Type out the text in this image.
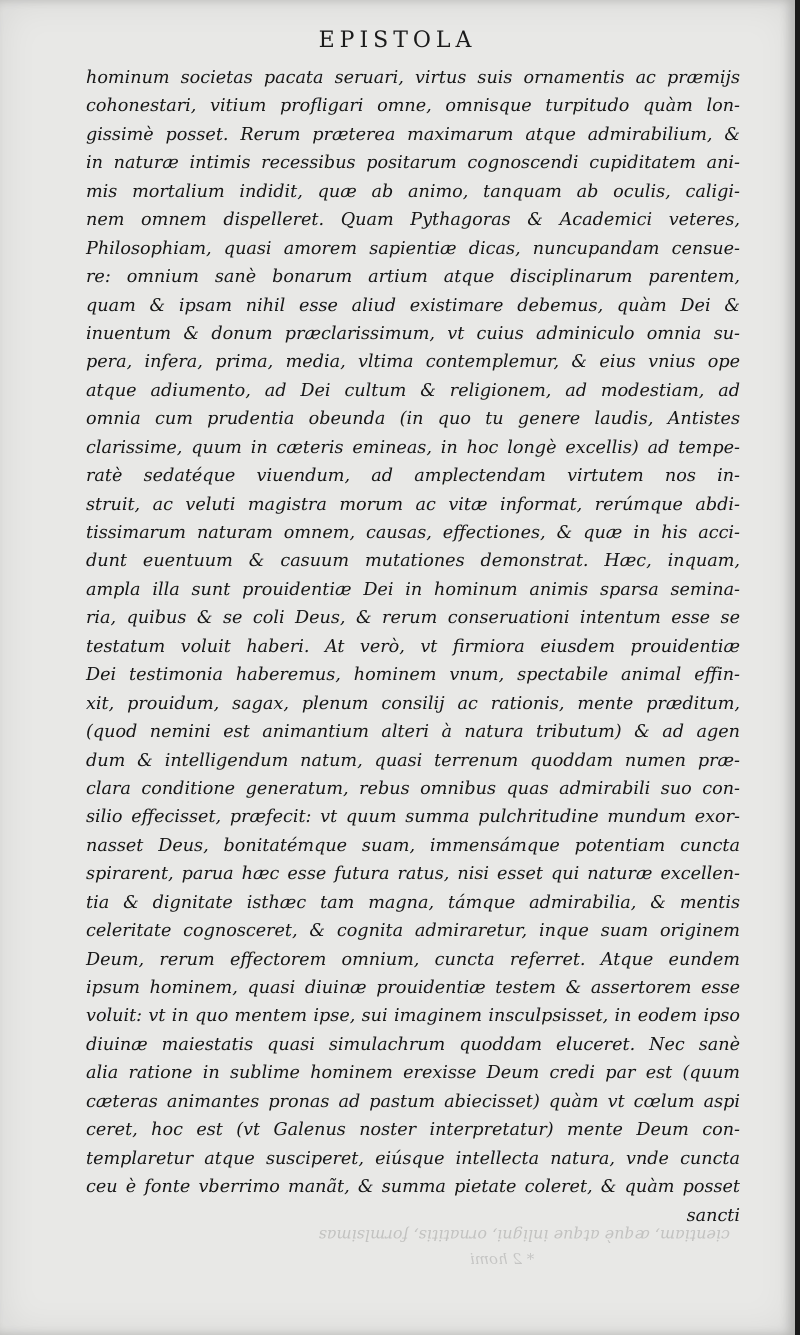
EPISTOLA
hominum societas pacata seruari, virtus suis ornamentis ac præmijs
cohonestari, vitium profligari omne, omnisque turpitudo quàm lon-
gissimè posset. Rerum præterea maximarum atque admirabilium, &
in naturæ intimis recessibus positarum cognoscendi cupiditatem ani-
mis mortalium indidit, quæ ab animo, tanquam ab oculis, caligi-
nem omnem dispelleret. Quam Pythagoras & Academici veteres,
Philosophiam, quasi amorem sapientiæ dicas, nuncupandam censue-
re: omnium sanè bonarum artium atque disciplinarum parentem,
quam & ipsam nihil esse aliud existimare debemus, quàm Dei &
inuentum & donum præclarissimum, vt cuius adminiculo omnia su-
pera, infera, prima, media, vltima contemplemur, & eius vnius ope
atque adiumento, ad Dei cultum & religionem, ad modestiam, ad
omnia cum prudentia obeunda (in quo tu genere laudis, Antistes
clarissime, quum in cæteris emineas, in hoc longè excellis) ad tempe-
ratè sedatéque viuendum, ad amplectendam virtutem nos in-
struit, ac veluti magistra morum ac vitæ informat, rerúmque abdi-
tissimarum naturam omnem, causas, effectiones, & quæ in his acci-
dunt euentuum & casuum mutationes demonstrat. Hæc, inquam,
ampla illa sunt prouidentiæ Dei in hominum animis sparsa semina-
ria, quibus & se coli Deus, & rerum conseruationi intentum esse se
testatum voluit haberi. At verò, vt firmiora eiusdem prouidentiæ
Dei testimonia haberemus, hominem vnum, spectabile animal effin-
xit, prouidum, sagax, plenum consilij ac rationis, mente præditum,
(quod nemini est animantium alteri à natura tributum) & ad agen
dum & intelligendum natum, quasi terrenum quoddam numen præ-
clara conditione generatum, rebus omnibus quas admirabili suo con-
silio effecisset, præfecit: vt quum summa pulchritudine mundum exor-
nasset Deus, bonitatémque suam, immensámque potentiam cuncta
spirarent, parua hæc esse futura ratus, nisi esset qui naturæ excellen-
tia & dignitate isthæc tam magna, támque admirabilia, & mentis
celeritate cognosceret, & cognita admiraretur, inque suam originem
Deum, rerum effectorem omnium, cuncta referret. Atque eundem
ipsum hominem, quasi diuinæ prouidentiæ testem & assertorem esse
voluit: vt in quo mentem ipse, sui imaginem insculpsisset, in eodem ipso
diuinæ maiestatis quasi simulachrum quoddam eluceret. Nec sanè
alia ratione in sublime hominem erexisse Deum credi par est (quum
cæteras animantes pronas ad pastum abiecisset) quàm vt cœlum aspi
ceret, hoc est (vt Galenus noster interpretatur) mente Deum con-
templaretur atque susciperet, eiúsque intellecta natura, vnde cuncta
ceu è fonte vberrimo manãt, & summa pietate coleret, & quàm posset
sancti
cientiam, æquè atque inligni, ornatitis, formlsimas
* 2 homi
